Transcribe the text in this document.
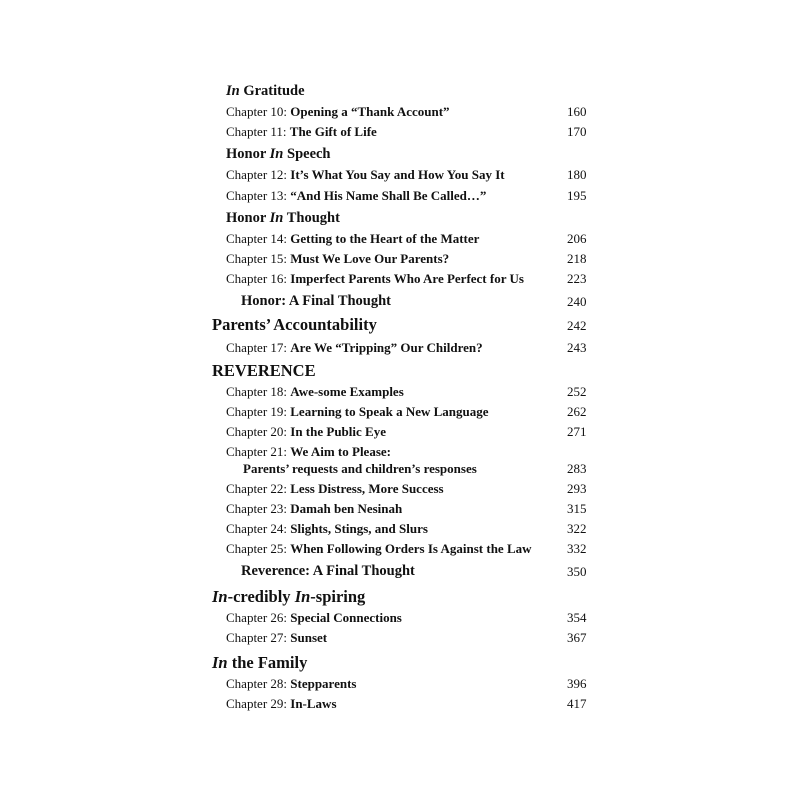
In Gratitude
Chapter 10: Opening a “Thank Account”	160
Chapter 11: The Gift of Life	170
Honor In Speech
Chapter 12: It’s What You Say and How You Say It	180
Chapter 13: “And His Name Shall Be Called…”	195
Honor In Thought
Chapter 14: Getting to the Heart of the Matter	206
Chapter 15: Must We Love Our Parents?	218
Chapter 16: Imperfect Parents Who Are Perfect for Us	223
Honor: A Final Thought	240
Parents’ Accountability	242
Chapter 17: Are We “Tripping” Our Children?	243
REVERENCE
Chapter 18: Awe-some Examples	252
Chapter 19: Learning to Speak a New Language	262
Chapter 20: In the Public Eye	271
Chapter 21: We Aim to Please:
Parents’ requests and children’s responses	283
Chapter 22: Less Distress, More Success	293
Chapter 23: Damah ben Nesinah	315
Chapter 24: Slights, Stings, and Slurs	322
Chapter 25: When Following Orders Is Against the Law	332
Reverence: A Final Thought	350
In-credibly In-spiring
Chapter 26: Special Connections	354
Chapter 27: Sunset	367
In the Family
Chapter 28: Stepparents	396
Chapter 29: In-Laws	417
